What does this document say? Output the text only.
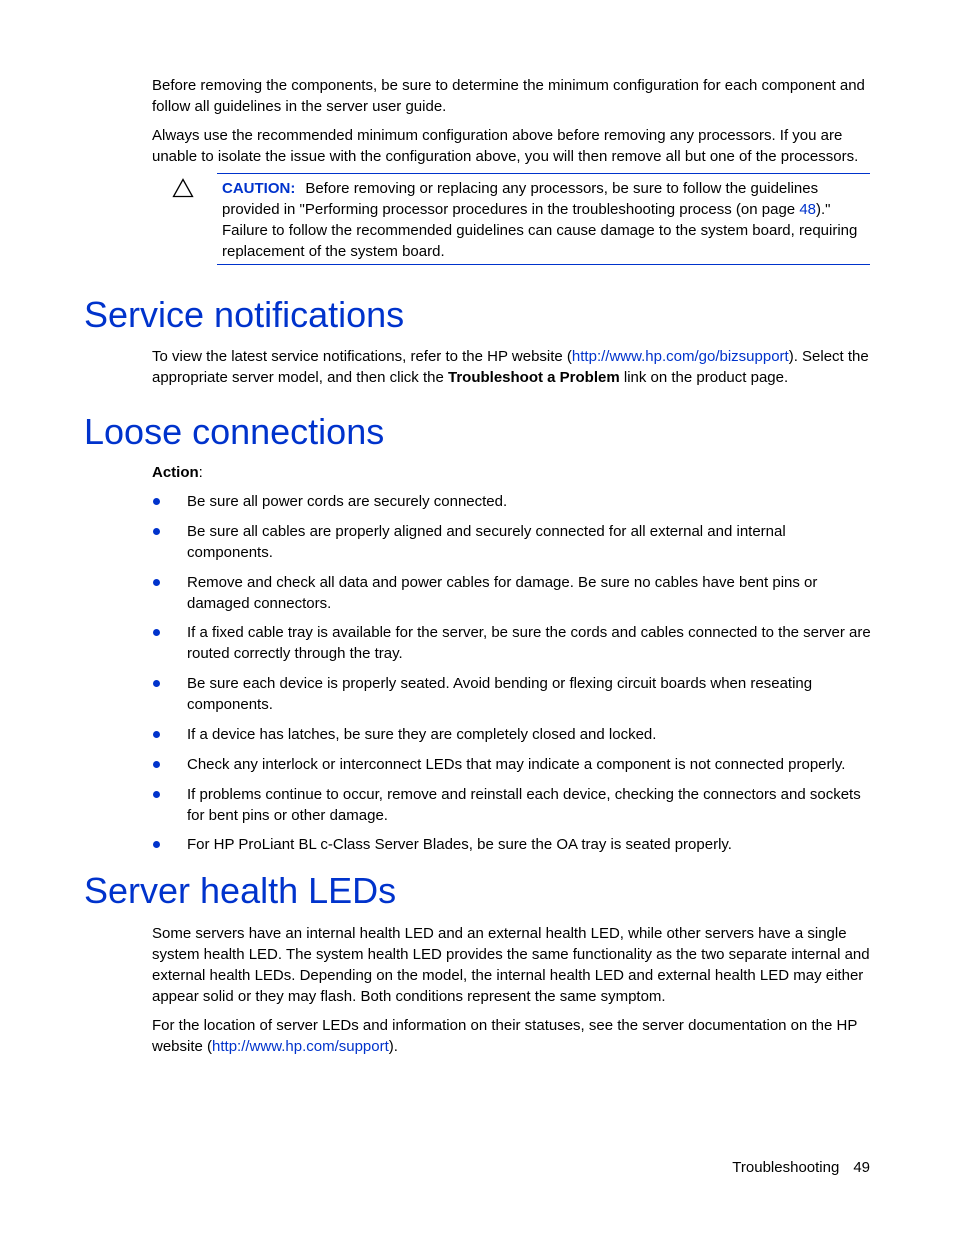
Before removing the components, be sure to determine the minimum configuration for each component and follow all guidelines in the server user guide.

Always use the recommended minimum configuration above before removing any processors. If you are unable to isolate the issue with the configuration above, you will then remove all but one of the processors.

CAUTION: Before removing or replacing any processors, be sure to follow the guidelines provided in "Performing processor procedures in the troubleshooting process (on page 48)." Failure to follow the recommended guidelines can cause damage to the system board, requiring replacement of the system board.

Service notifications

To view the latest service notifications, refer to the HP website (http://www.hp.com/go/bizsupport). Select the appropriate server model, and then click the Troubleshoot a Problem link on the product page.

Loose connections

Action:

Be sure all power cords are securely connected.
Be sure all cables are properly aligned and securely connected for all external and internal components.
Remove and check all data and power cables for damage. Be sure no cables have bent pins or damaged connectors.
If a fixed cable tray is available for the server, be sure the cords and cables connected to the server are routed correctly through the tray.
Be sure each device is properly seated. Avoid bending or flexing circuit boards when reseating components.
If a device has latches, be sure they are completely closed and locked.
Check any interlock or interconnect LEDs that may indicate a component is not connected properly.
If problems continue to occur, remove and reinstall each device, checking the connectors and sockets for bent pins or other damage.
For HP ProLiant BL c-Class Server Blades, be sure the OA tray is seated properly.
Server health LEDs

Some servers have an internal health LED and an external health LED, while other servers have a single system health LED. The system health LED provides the same functionality as the two separate internal and external health LEDs. Depending on the model, the internal health LED and external health LED may either appear solid or they may flash. Both conditions represent the same symptom.

For the location of server LEDs and information on their statuses, see the server documentation on the HP website (http://www.hp.com/support).

Troubleshooting 49
